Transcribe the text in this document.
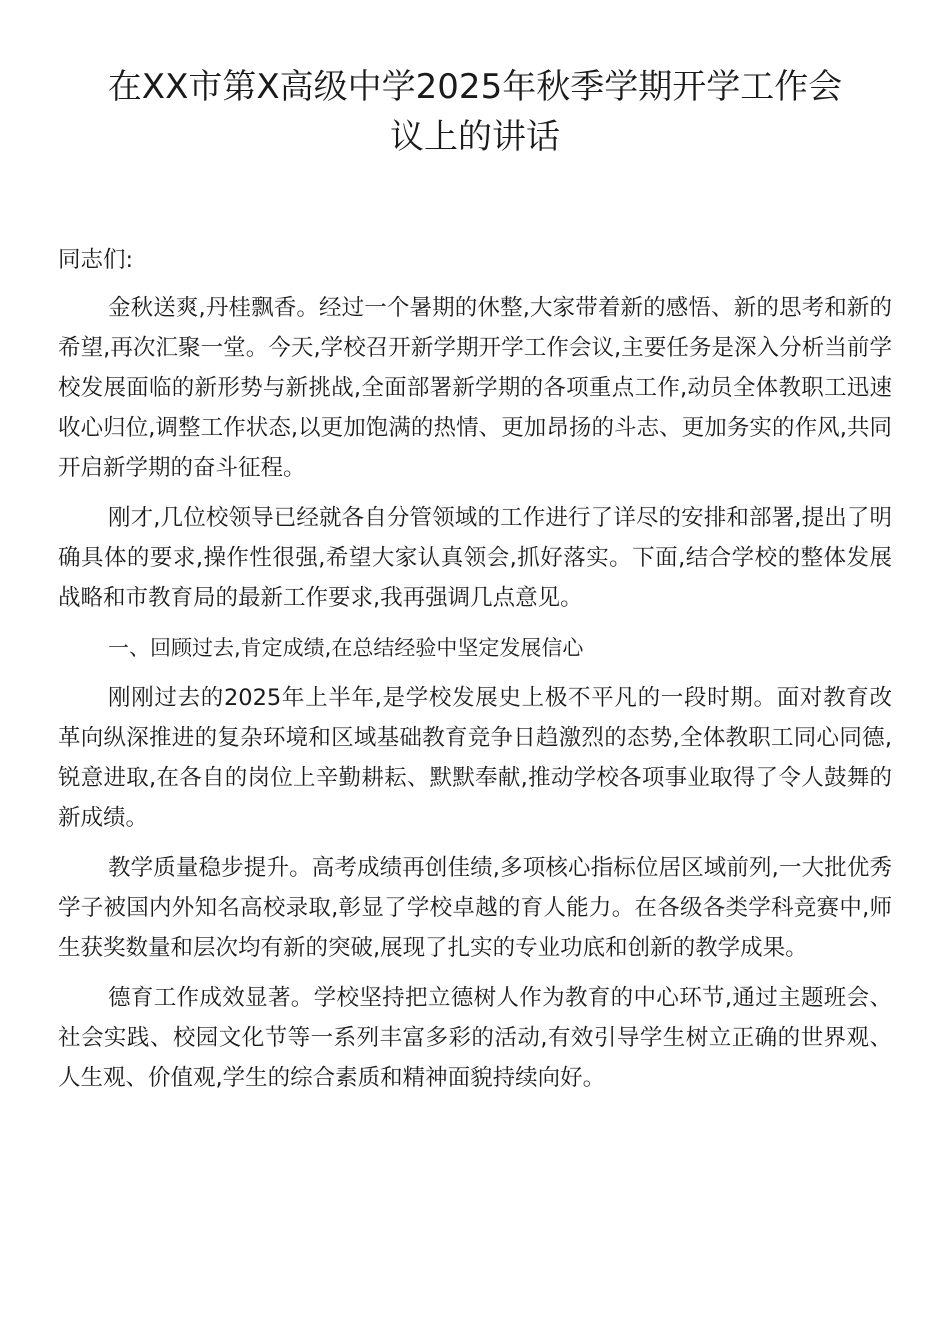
在XX市第X高级中学2025年秋季学期开学工作会
议上的讲话

同志们:

金秋送爽,丹桂飘香。经过一个暑期的休整,大家带着新的感悟、新的思考和新的希望,再次汇聚一堂。今天,学校召开新学期开学工作会议,主要任务是深入分析当前学校发展面临的新形势与新挑战,全面部署新学期的各项重点工作,动员全体教职工迅速收心归位,调整工作状态,以更加饱满的热情、更加昂扬的斗志、更加务实的作风,共同开启新学期的奋斗征程。

刚才,几位校领导已经就各自分管领域的工作进行了详尽的安排和部署,提出了明确具体的要求,操作性很强,希望大家认真领会,抓好落实。下面,结合学校的整体发展战略和市教育局的最新工作要求,我再强调几点意见。

一、回顾过去,肯定成绩,在总结经验中坚定发展信心

刚刚过去的2025年上半年,是学校发展史上极不平凡的一段时期。面对教育改革向纵深推进的复杂环境和区域基础教育竞争日趋激烈的态势,全体教职工同心同德,锐意进取,在各自的岗位上辛勤耕耘、默默奉献,推动学校各项事业取得了令人鼓舞的新成绩。

教学质量稳步提升。高考成绩再创佳绩,多项核心指标位居区域前列,一大批优秀学子被国内外知名高校录取,彰显了学校卓越的育人能力。在各级各类学科竞赛中,师生获奖数量和层次均有新的突破,展现了扎实的专业功底和创新的教学成果。

德育工作成效显著。学校坚持把立德树人作为教育的中心环节,通过主题班会、社会实践、校园文化节等一系列丰富多彩的活动,有效引导学生树立正确的世界观、人生观、价值观,学生的综合素质和精神面貌持续向好。
